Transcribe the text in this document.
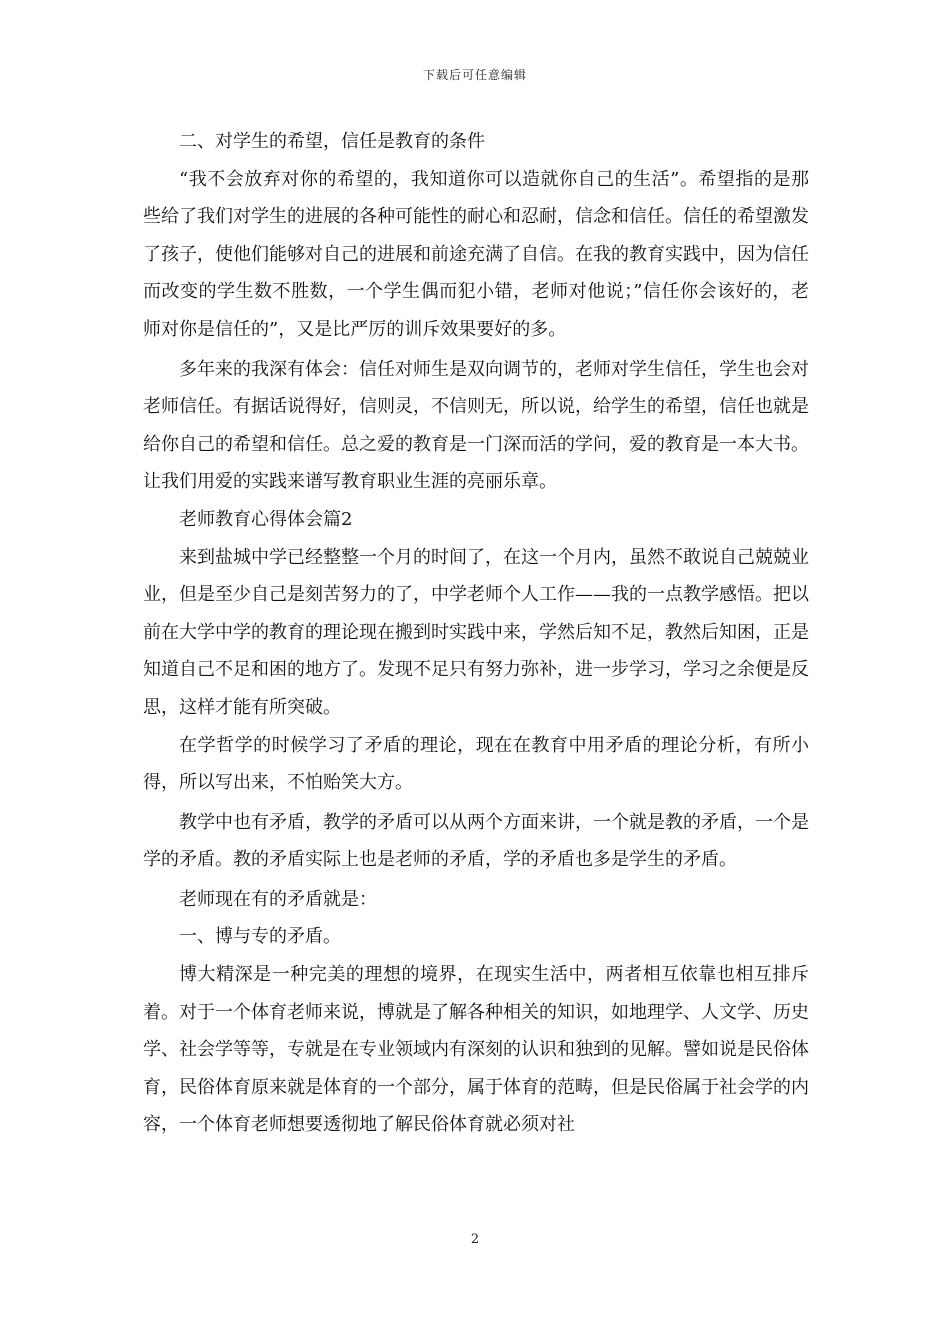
下载后可任意编辑

二、对学生的希望，信任是教育的条件

“我不会放弃对你的希望的，我知道你可以造就你自己的生活”。希望指的是那些给了我们对学生的进展的各种可能性的耐心和忍耐，信念和信任。信任的希望激发了孩子，使他们能够对自己的进展和前途充满了自信。在我的教育实践中，因为信任而改变的学生数不胜数，一个学生偶而犯小错，老师对他说；”信任你会该好的，老师对你是信任的”，又是比严厉的训斥效果要好的多。

多年来的我深有体会：信任对师生是双向调节的，老师对学生信任，学生也会对老师信任。有据话说得好，信则灵，不信则无，所以说，给学生的希望，信任也就是给你自己的希望和信任。总之爱的教育是一门深而活的学问，爱的教育是一本大书。让我们用爱的实践来谱写教育职业生涯的亮丽乐章。

老师教育心得体会篇2

来到盐城中学已经整整一个月的时间了，在这一个月内，虽然不敢说自己兢兢业业，但是至少自己是刻苦努力的了，中学老师个人工作——我的一点教学感悟。把以前在大学中学的教育的理论现在搬到时实践中来，学然后知不足，教然后知困，正是知道自己不足和困的地方了。发现不足只有努力弥补，进一步学习，学习之余便是反思，这样才能有所突破。

在学哲学的时候学习了矛盾的理论，现在在教育中用矛盾的理论分析，有所小得，所以写出来，不怕贻笑大方。

教学中也有矛盾，教学的矛盾可以从两个方面来讲，一个就是教的矛盾，一个是学的矛盾。教的矛盾实际上也是老师的矛盾，学的矛盾也多是学生的矛盾。

老师现在有的矛盾就是：

一、博与专的矛盾。

博大精深是一种完美的理想的境界，在现实生活中，两者相互依靠也相互排斥着。对于一个体育老师来说，博就是了解各种相关的知识，如地理学、人文学、历史学、社会学等等，专就是在专业领域内有深刻的认识和独到的见解。譬如说是民俗体育，民俗体育原来就是体育的一个部分，属于体育的范畴，但是民俗属于社会学的内容，一个体育老师想要透彻地了解民俗体育就必须对社

2
